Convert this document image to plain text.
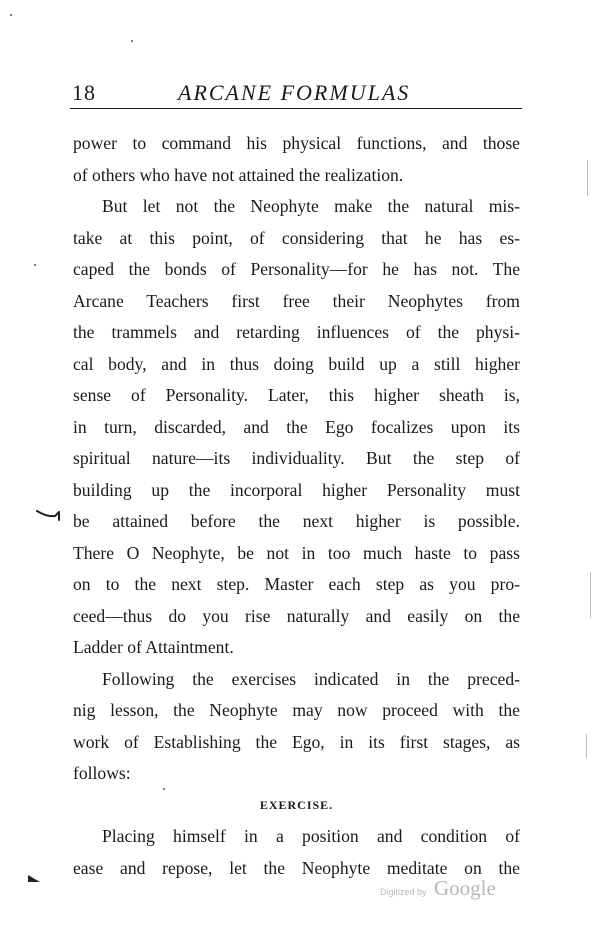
18	ARCANE FORMULAS
power to command his physical functions, and those
of others who have not attained the realization.
But let not the Neophyte make the natural mis-
take at this point, of considering that he has es-
caped the bonds of Personality—for he has not. The
Arcane Teachers first free their Neophytes from
the trammels and retarding influences of the physi-
cal body, and in thus doing build up a still higher
sense of Personality. Later, this higher sheath is,
in turn, discarded, and the Ego focalizes upon its
spiritual nature—its individuality. But the step of
building up the incorporal higher Personality must
be attained before the next higher is possible.
There O Neophyte, be not in too much haste to pass
on to the next step. Master each step as you pro-
ceed—thus do you rise naturally and easily on the
Ladder of Attaintment.
Following the exercises indicated in the preced-
nig lesson, the Neophyte may now proceed with the
work of Establishing the Ego, in its first stages, as
follows:
EXERCISE.
Placing himself in a position and condition of
ease and repose, let the Neophyte meditate on the
Digitized by Google
